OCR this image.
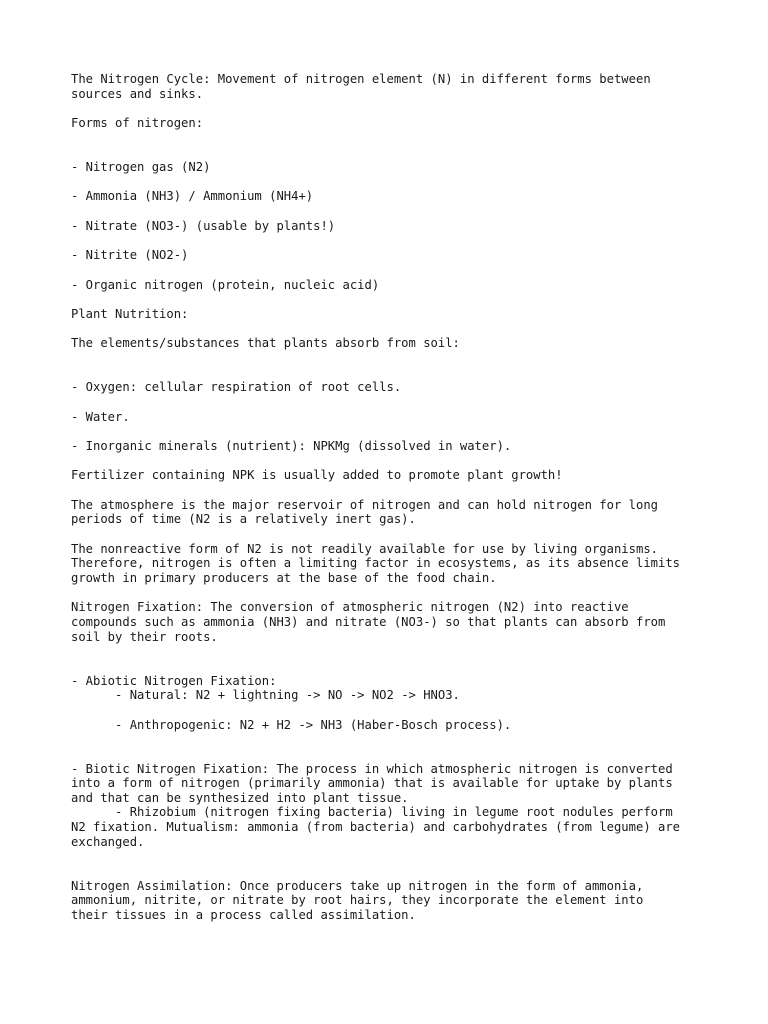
The Nitrogen Cycle: Movement of nitrogen element (N) in different forms between
sources and sinks.

Forms of nitrogen:

- Nitrogen gas (N2)

- Ammonia (NH3) / Ammonium (NH4+)

- Nitrate (NO3-) (usable by plants!)

- Nitrite (NO2-)

- Organic nitrogen (protein, nucleic acid)

Plant Nutrition:

The elements/substances that plants absorb from soil:

- Oxygen: cellular respiration of root cells.

- Water.

- Inorganic minerals (nutrient): NPKMg (dissolved in water).

Fertilizer containing NPK is usually added to promote plant growth!

The atmosphere is the major reservoir of nitrogen and can hold nitrogen for long
periods of time (N2 is a relatively inert gas).

The nonreactive form of N2 is not readily available for use by living organisms.
Therefore, nitrogen is often a limiting factor in ecosystems, as its absence limits
growth in primary producers at the base of the food chain.

Nitrogen Fixation: The conversion of atmospheric nitrogen (N2) into reactive
compounds such as ammonia (NH3) and nitrate (NO3-) so that plants can absorb from
soil by their roots.

- Abiotic Nitrogen Fixation:
- Natural: N2 + lightning -> NO -> NO2 -> HNO3.

- Anthropogenic: N2 + H2 -> NH3 (Haber-Bosch process).

- Biotic Nitrogen Fixation: The process in which atmospheric nitrogen is converted
into a form of nitrogen (primarily ammonia) that is available for uptake by plants
and that can be synthesized into plant tissue.
- Rhizobium (nitrogen fixing bacteria) living in legume root nodules perform
N2 fixation. Mutualism: ammonia (from bacteria) and carbohydrates (from legume) are
exchanged.

Nitrogen Assimilation: Once producers take up nitrogen in the form of ammonia,
ammonium, nitrite, or nitrate by root hairs, they incorporate the element into
their tissues in a process called assimilation.
